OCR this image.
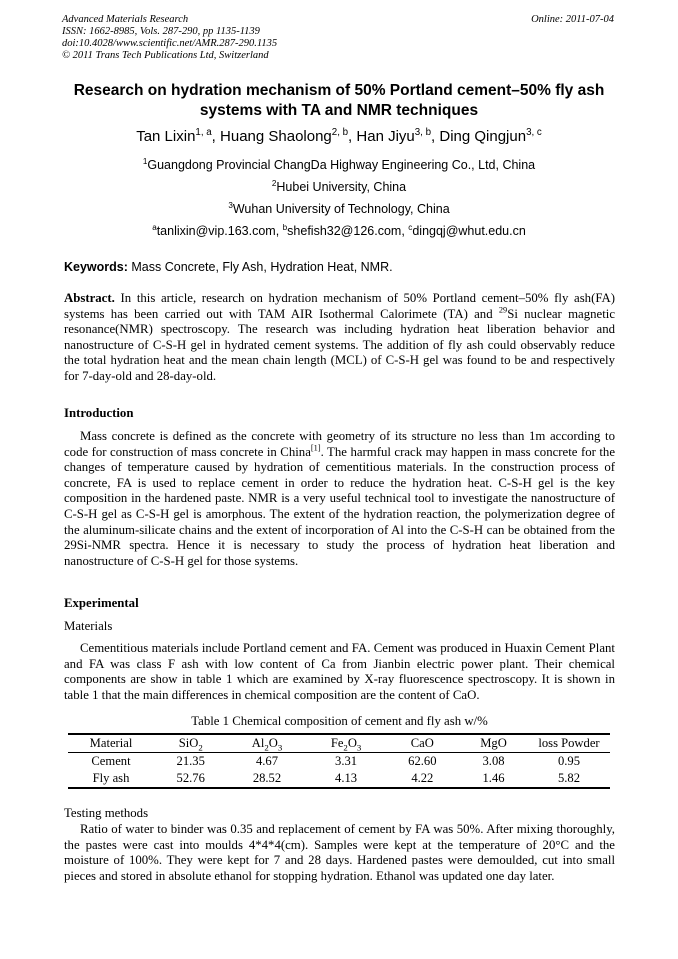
Advanced Materials Research
ISSN: 1662-8985, Vols. 287-290, pp 1135-1139
doi:10.4028/www.scientific.net/AMR.287-290.1135
© 2011 Trans Tech Publications Ltd, Switzerland
Online: 2011-07-04
Research on hydration mechanism of 50% Portland cement–50% fly ash
systems with TA and NMR techniques
Tan Lixin$^{1, a}$, Huang Shaolong$^{2, b}$, Han Jiyu$^{3, b}$, Ding Qingjun$^{3, c}$
$^1$Guangdong Provincial ChangDa Highway Engineering Co., Ltd, China
$^2$Hubei University, China
$^3$Wuhan University of Technology, China
$^a$tanlixin@vip.163.com, $^b$shefish32@126.com, $^c$dingqj@whut.edu.cn
Keywords: Mass Concrete, Fly Ash, Hydration Heat, NMR.
Abstract. In this article, research on hydration mechanism of 50% Portland cement–50% fly ash(FA) systems has been carried out with TAM AIR Isothermal Calorimete (TA) and $^{29}$Si nuclear magnetic resonance(NMR) spectroscopy. The research was including hydration heat liberation behavior and nanostructure of C-S-H gel in hydrated cement systems. The addition of fly ash could observably reduce the total hydration heat and the mean chain length (MCL) of C-S-H gel was found to be and respectively for 7-day-old and 28-day-old.
Introduction
Mass concrete is defined as the concrete with geometry of its structure no less than 1m according to code for construction of mass concrete in China[1]. The harmful crack may happen in mass concrete for the changes of temperature caused by hydration of cementitious materials. In the construction process of concrete, FA is used to replace cement in order to reduce the hydration heat. C-S-H gel is the key composition in the hardened paste. NMR is a very useful technical tool to investigate the nanostructure of C-S-H gel as C-S-H gel is amorphous. The extent of the hydration reaction, the polymerization degree of the aluminum-silicate chains and the extent of incorporation of Al into the C-S-H can be obtained from the 29Si-NMR spectra. Hence it is necessary to study the process of hydration heat liberation and nanostructure of C-S-H gel for those systems.
Experimental
Materials
Cementitious materials include Portland cement and FA. Cement was produced in Huaxin Cement Plant and FA was class F ash with low content of Ca from Jianbin electric power plant. Their chemical components are show in table 1 which are examined by X-ray fluorescence spectroscopy. It is shown in table 1 that the main differences in chemical composition are the content of CaO.
Table 1 Chemical composition of cement and fly ash w/%
Material	SiO$_2$	$Al_2O_3$	$Fe_2O_3$	CaO	MgO	loss Powder
Cement	21.35	4.67	3.31	62.60	3.08	0.95
Fly ash	52.76	28.52	4.13	4.22	1.46	5.82
Testing methods
Ratio of water to binder was 0.35 and replacement of cement by FA was 50%. After mixing thoroughly, the pastes were cast into moulds 4*4*4(cm). Samples were kept at the temperature of 20°C and the moisture of 100%. They were kept for 7 and 28 days. Hardened pastes were demoulded, cut into small pieces and stored in absolute ethanol for stopping hydration. Ethanol was updated one day later.
